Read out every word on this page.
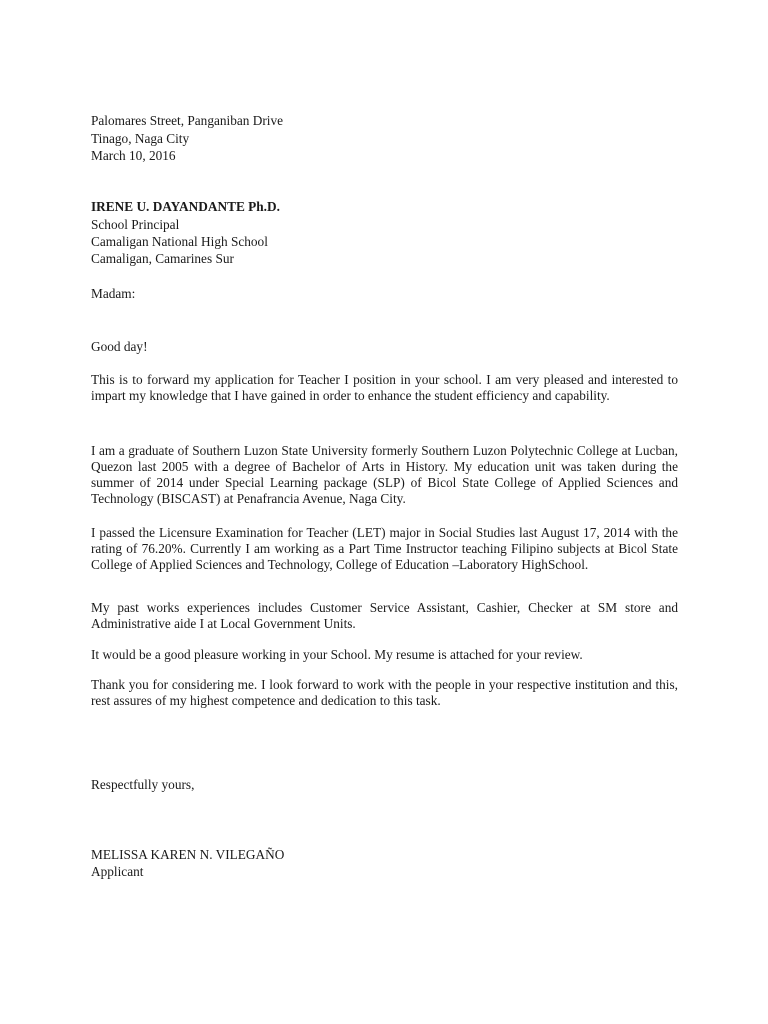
Palomares Street, Panganiban Drive
Tinago, Naga City
March 10, 2016
IRENE U. DAYANDANTE Ph.D.
School Principal
Camaligan National High School
Camaligan, Camarines Sur
Madam:
Good day!
This is to forward my application for Teacher I position in your school. I am very pleased and interested to impart my knowledge that I have gained in order to enhance the student efficiency and capability.
I am a graduate of Southern Luzon State University formerly Southern Luzon Polytechnic College at Lucban, Quezon last 2005 with a degree of Bachelor of Arts in History. My education unit was taken during the summer of 2014 under Special Learning package (SLP) of Bicol State College of Applied Sciences and Technology (BISCAST) at Penafrancia Avenue, Naga City.
I passed the Licensure Examination for Teacher (LET) major in Social Studies last August 17, 2014 with the rating of 76.20%. Currently I am working as a Part Time Instructor teaching Filipino subjects at Bicol State College of Applied Sciences and Technology, College of Education –Laboratory HighSchool.
My past works experiences includes Customer Service Assistant, Cashier, Checker at SM store and Administrative aide I at Local Government Units.
It would be a good pleasure working in your School. My resume is attached for your review.
Thank you for considering me. I look forward to work with the people in your respective institution and this, rest assures of my highest competence and dedication to this task.
Respectfully yours,
MELISSA KAREN N. VILEGAÑO
Applicant
